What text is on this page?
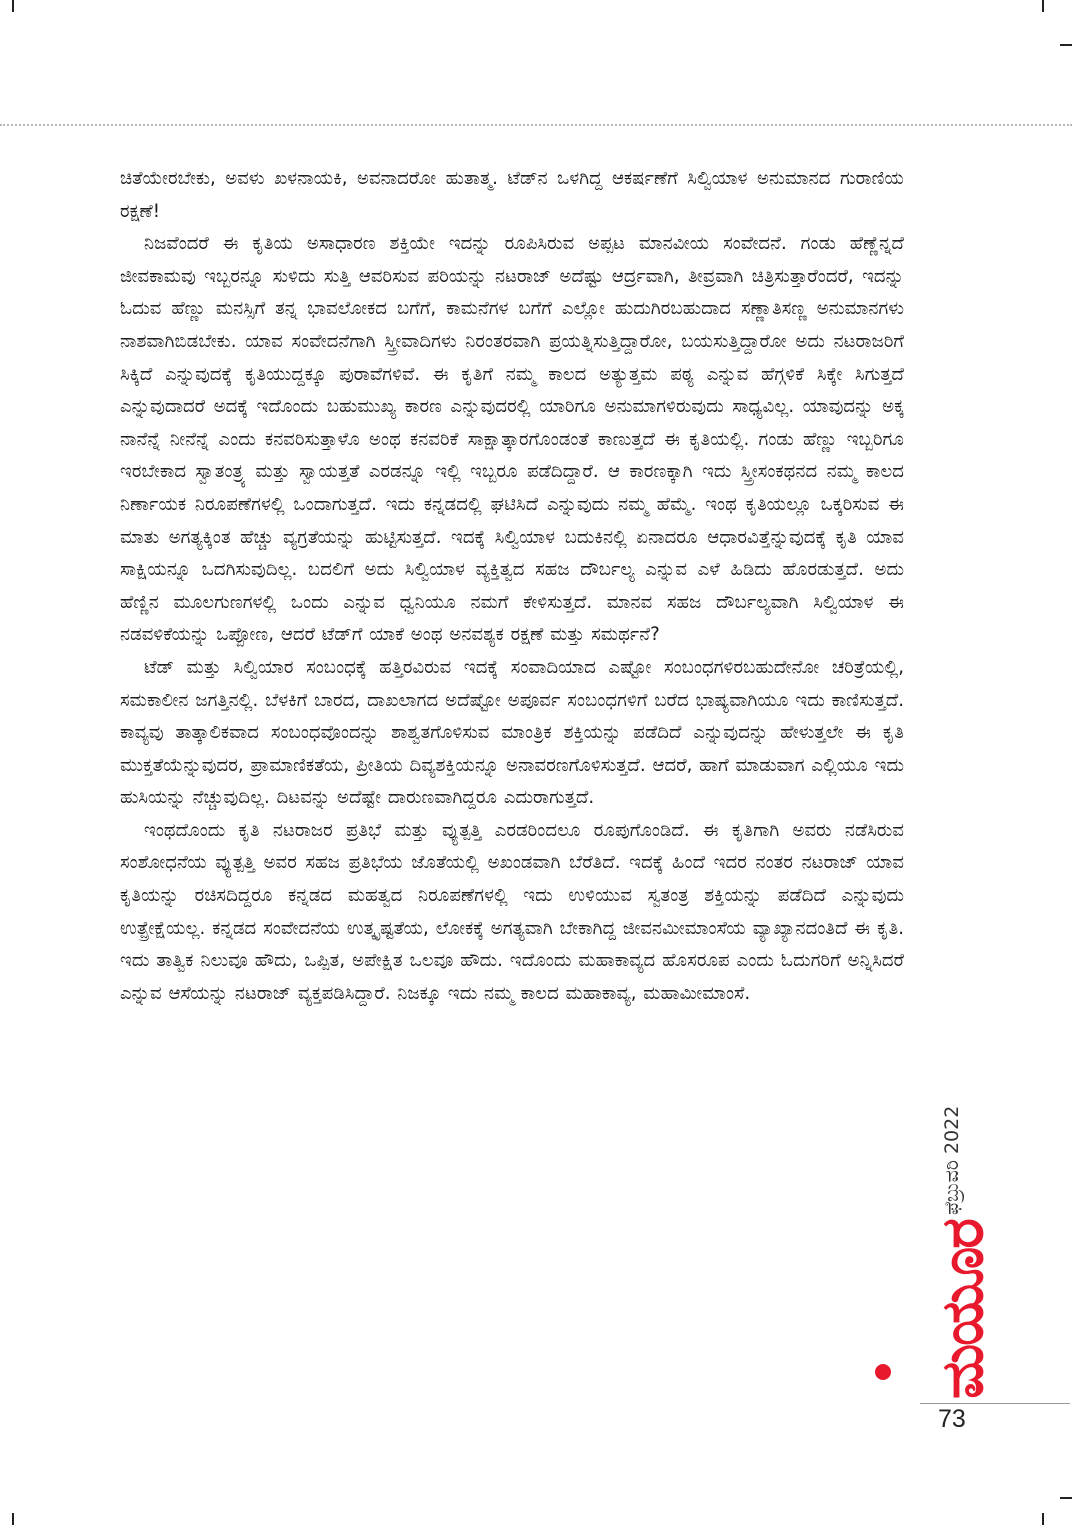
ಚಿತೆಯೇರಬೇಕು, ಅವಳು ಖಳನಾಯಕಿ, ಅವನಾದರೋ ಹುತಾತ್ಮ. ಟೆಡ್‌ನ ಒಳಗಿದ್ದ ಆಕರ್ಷಣೆಗೆ ಸಿಲ್ವಿಯಾಳ ಅನುಮಾನದ ಗುರಾಣಿಯ ರಕ್ಷಣೆ!

ನಿಜವೆಂದರೆ ಈ ಕೃತಿಯ ಅಸಾಧಾರಣ ಶಕ್ತಿಯೇ ಇದನ್ನು ರೂಪಿಸಿರುವ ಅಪ್ಪಟ ಮಾನವೀಯ ಸಂವೇದನೆ. ಗಂಡು ಹೆಣ್ಣೆನ್ನದೆ ಜೀವಕಾಮವು ಇಬ್ಬರನ್ನೂ ಸುಳಿದು ಸುತ್ತಿ ಆವರಿಸುವ ಪರಿಯನ್ನು ನಟರಾಜ್ ಅದೆಷ್ಟು ಆರ್ದ್ರವಾಗಿ, ತೀವ್ರವಾಗಿ ಚಿತ್ರಿಸುತ್ತಾರೆಂದರೆ, ಇದನ್ನು ಓದುವ ಹೆಣ್ಣು ಮನಸ್ಸಿಗೆ ತನ್ನ ಭಾವಲೋಕದ ಬಗೆಗೆ, ಕಾಮನೆಗಳ ಬಗೆಗೆ ಎಲ್ಲೋ ಹುದುಗಿರಬಹುದಾದ ಸಣ್ಣಾತಿಸಣ್ಣ ಅನುಮಾನಗಳು ನಾಶವಾಗಿಬಿಡಬೇಕು. ಯಾವ ಸಂವೇದನೆಗಾಗಿ ಸ್ತ್ರೀವಾದಿಗಳು ನಿರಂತರವಾಗಿ ಪ್ರಯತ್ನಿಸುತ್ತಿದ್ದಾರೋ, ಬಯಸುತ್ತಿದ್ದಾರೋ ಅದು ನಟರಾಜರಿಗೆ ಸಿಕ್ಕಿದೆ ಎನ್ನುವುದಕ್ಕೆ ಕೃತಿಯುದ್ದಕ್ಕೂ ಪುರಾವೆಗಳಿವೆ. ಈ ಕೃತಿಗೆ ನಮ್ಮ ಕಾಲದ ಅತ್ಯುತ್ತಮ ಪಠ್ಯ ಎನ್ನುವ ಹೆಗ್ಗಳಿಕೆ ಸಿಕ್ಕೇ ಸಿಗುತ್ತದೆ ಎನ್ನುವುದಾದರೆ ಅದಕ್ಕೆ ಇದೊಂದು ಬಹುಮುಖ್ಯ ಕಾರಣ ಎನ್ನುವುದರಲ್ಲಿ ಯಾರಿಗೂ ಅನುಮಾಗಳಿರುವುದು ಸಾಧ್ಯವಿಲ್ಲ. ಯಾವುದನ್ನು ಅಕ್ಕ ನಾನೆನ್ನೆ ನೀನೆನ್ನೆ ಎಂದು ಕನವರಿಸುತ್ತಾಳೊ ಅಂಥ ಕನವರಿಕೆ ಸಾಕ್ಷಾತ್ಕಾರಗೊಂಡಂತೆ ಕಾಣುತ್ತದೆ ಈ ಕೃತಿಯಲ್ಲಿ. ಗಂಡು ಹೆಣ್ಣು ಇಬ್ಬರಿಗೂ ಇರಬೇಕಾದ ಸ್ವಾತಂತ್ರ್ಯ ಮತ್ತು ಸ್ವಾಯತ್ತತೆ ಎರಡನ್ನೂ ಇಲ್ಲಿ ಇಬ್ಬರೂ ಪಡೆದಿದ್ದಾರೆ. ಆ ಕಾರಣಕ್ಕಾಗಿ ಇದು ಸ್ತ್ರೀಸಂಕಥನದ ನಮ್ಮ ಕಾಲದ ನಿರ್ಣಾಯಕ ನಿರೂಪಣೆಗಳಲ್ಲಿ ಒಂದಾಗುತ್ತದೆ. ಇದು ಕನ್ನಡದಲ್ಲಿ ಘಟಿಸಿದೆ ಎನ್ನುವುದು ನಮ್ಮ ಹೆಮ್ಮೆ. ಇಂಥ ಕೃತಿಯಲ್ಲೂ ಒಕ್ಕರಿಸುವ ಈ ಮಾತು ಅಗತ್ಯಕ್ಕಿಂತ ಹೆಚ್ಚು ವ್ಯಗ್ರತೆಯನ್ನು ಹುಟ್ಟಿಸುತ್ತದೆ. ಇದಕ್ಕೆ ಸಿಲ್ವಿಯಾಳ ಬದುಕಿನಲ್ಲಿ ಏನಾದರೂ ಆಧಾರವಿತ್ತೆನ್ನುವುದಕ್ಕೆ ಕೃತಿ ಯಾವ ಸಾಕ್ಷಿಯನ್ನೂ ಒದಗಿಸುವುದಿಲ್ಲ. ಬದಲಿಗೆ ಅದು ಸಿಲ್ವಿಯಾಳ ವ್ಯಕ್ತಿತ್ವದ ಸಹಜ ದೌರ್ಬಲ್ಯ ಎನ್ನುವ ಎಳೆ ಹಿಡಿದು ಹೊರಡುತ್ತದೆ. ಅದು ಹೆಣ್ಣಿನ ಮೂಲಗುಣಗಳಲ್ಲಿ ಒಂದು ಎನ್ನುವ ಧ್ವನಿಯೂ ನಮಗೆ ಕೇಳಿಸುತ್ತದೆ. ಮಾನವ ಸಹಜ ದೌರ್ಬಲ್ಯವಾಗಿ ಸಿಲ್ವಿಯಾಳ ಈ ನಡವಳಿಕೆಯನ್ನು ಒಪ್ಪೋಣ, ಆದರೆ ಟೆಡ್‌ಗೆ ಯಾಕೆ ಅಂಥ ಅನವಶ್ಯಕ ರಕ್ಷಣೆ ಮತ್ತು ಸಮರ್ಥನೆ?

ಟೆಡ್ ಮತ್ತು ಸಿಲ್ವಿಯಾರ ಸಂಬಂಧಕ್ಕೆ ಹತ್ತಿರವಿರುವ ಇದಕ್ಕೆ ಸಂವಾದಿಯಾದ ಎಷ್ಟೋ ಸಂಬಂಧಗಳಿರಬಹುದೇನೋ ಚರಿತ್ರೆಯಲ್ಲಿ, ಸಮಕಾಲೀನ ಜಗತ್ತಿನಲ್ಲಿ. ಬೆಳಕಿಗೆ ಬಾರದ, ದಾಖಲಾಗದ ಅದೆಷ್ಟೋ ಅಪೂರ್ವ ಸಂಬಂಧಗಳಿಗೆ ಬರೆದ ಭಾಷ್ಯವಾಗಿಯೂ ಇದು ಕಾಣಿಸುತ್ತದೆ. ಕಾವ್ಯವು ತಾತ್ಕಾಲಿಕವಾದ ಸಂಬಂಧವೊಂದನ್ನು ಶಾಶ್ವತಗೊಳಿಸುವ ಮಾಂತ್ರಿಕ ಶಕ್ತಿಯನ್ನು ಪಡೆದಿದೆ ಎನ್ನುವುದನ್ನು ಹೇಳುತ್ತಲೇ ಈ ಕೃತಿ ಮುಕ್ತತೆಯೆನ್ನುವುದರ, ಪ್ರಾಮಾಣಿಕತೆಯ, ಪ್ರೀತಿಯ ದಿವ್ಯಶಕ್ತಿಯನ್ನೂ ಅನಾವರಣಗೊಳಿಸುತ್ತದೆ. ಆದರೆ, ಹಾಗೆ ಮಾಡುವಾಗ ಎಲ್ಲಿಯೂ ಇದು ಹುಸಿಯನ್ನು ನೆಚ್ಚುವುದಿಲ್ಲ. ದಿಟವನ್ನು ಅದೆಷ್ಟೇ ದಾರುಣವಾಗಿದ್ದರೂ ಎದುರಾಗುತ್ತದೆ.

ಇಂಥದೊಂದು ಕೃತಿ ನಟರಾಜರ ಪ್ರತಿಭೆ ಮತ್ತು ವ್ಯುತ್ಪತ್ತಿ ಎರಡರಿಂದಲೂ ರೂಪುಗೊಂಡಿದೆ. ಈ ಕೃತಿಗಾಗಿ ಅವರು ನಡೆಸಿರುವ ಸಂಶೋಧನೆಯ ವ್ಯುತ್ಪತ್ತಿ ಅವರ ಸಹಜ ಪ್ರತಿಭೆಯ ಜೊತೆಯಲ್ಲಿ ಅಖಂಡವಾಗಿ ಬೆರೆತಿದೆ. ಇದಕ್ಕೆ ಹಿಂದೆ ಇದರ ನಂತರ ನಟರಾಜ್ ಯಾವ ಕೃತಿಯನ್ನು ರಚಿಸದಿದ್ದರೂ ಕನ್ನಡದ ಮಹತ್ವದ ನಿರೂಪಣೆಗಳಲ್ಲಿ ಇದು ಉಳಿಯುವ ಸ್ವತಂತ್ರ ಶಕ್ತಿಯನ್ನು ಪಡೆದಿದೆ ಎನ್ನುವುದು ಉತ್ಪ್ರೇಕ್ಷೆಯಲ್ಲ. ಕನ್ನಡದ ಸಂವೇದನೆಯ ಉತ್ಕೃಷ್ಟತೆಯ, ಲೋಕಕ್ಕೆ ಅಗತ್ಯವಾಗಿ ಬೇಕಾಗಿದ್ದ ಜೀವನಮೀಮಾಂಸೆಯ ವ್ಯಾಖ್ಯಾನದಂತಿದೆ ಈ ಕೃತಿ. ಇದು ತಾತ್ವಿಕ ನಿಲುವೂ ಹೌದು, ಒಪ್ಪಿತ, ಅಪೇಕ್ಷಿತ ಒಲವೂ ಹೌದು. ಇದೊಂದು ಮಹಾಕಾವ್ಯದ ಹೊಸರೂಪ ಎಂದು ಓದುಗರಿಗೆ ಅನ್ನಿಸಿದರೆ ಎನ್ನುವ ಆಸೆಯನ್ನು ನಟರಾಜ್ ವ್ಯಕ್ತಪಡಿಸಿದ್ದಾರೆ. ನಿಜಕ್ಕೂ ಇದು ನಮ್ಮ ಕಾಲದ ಮಹಾಕಾವ್ಯ, ಮಹಾಮೀಮಾಂಸೆ.

ಫೆಬ್ರುವರಿ 2022
ಮಯೂರ
73
